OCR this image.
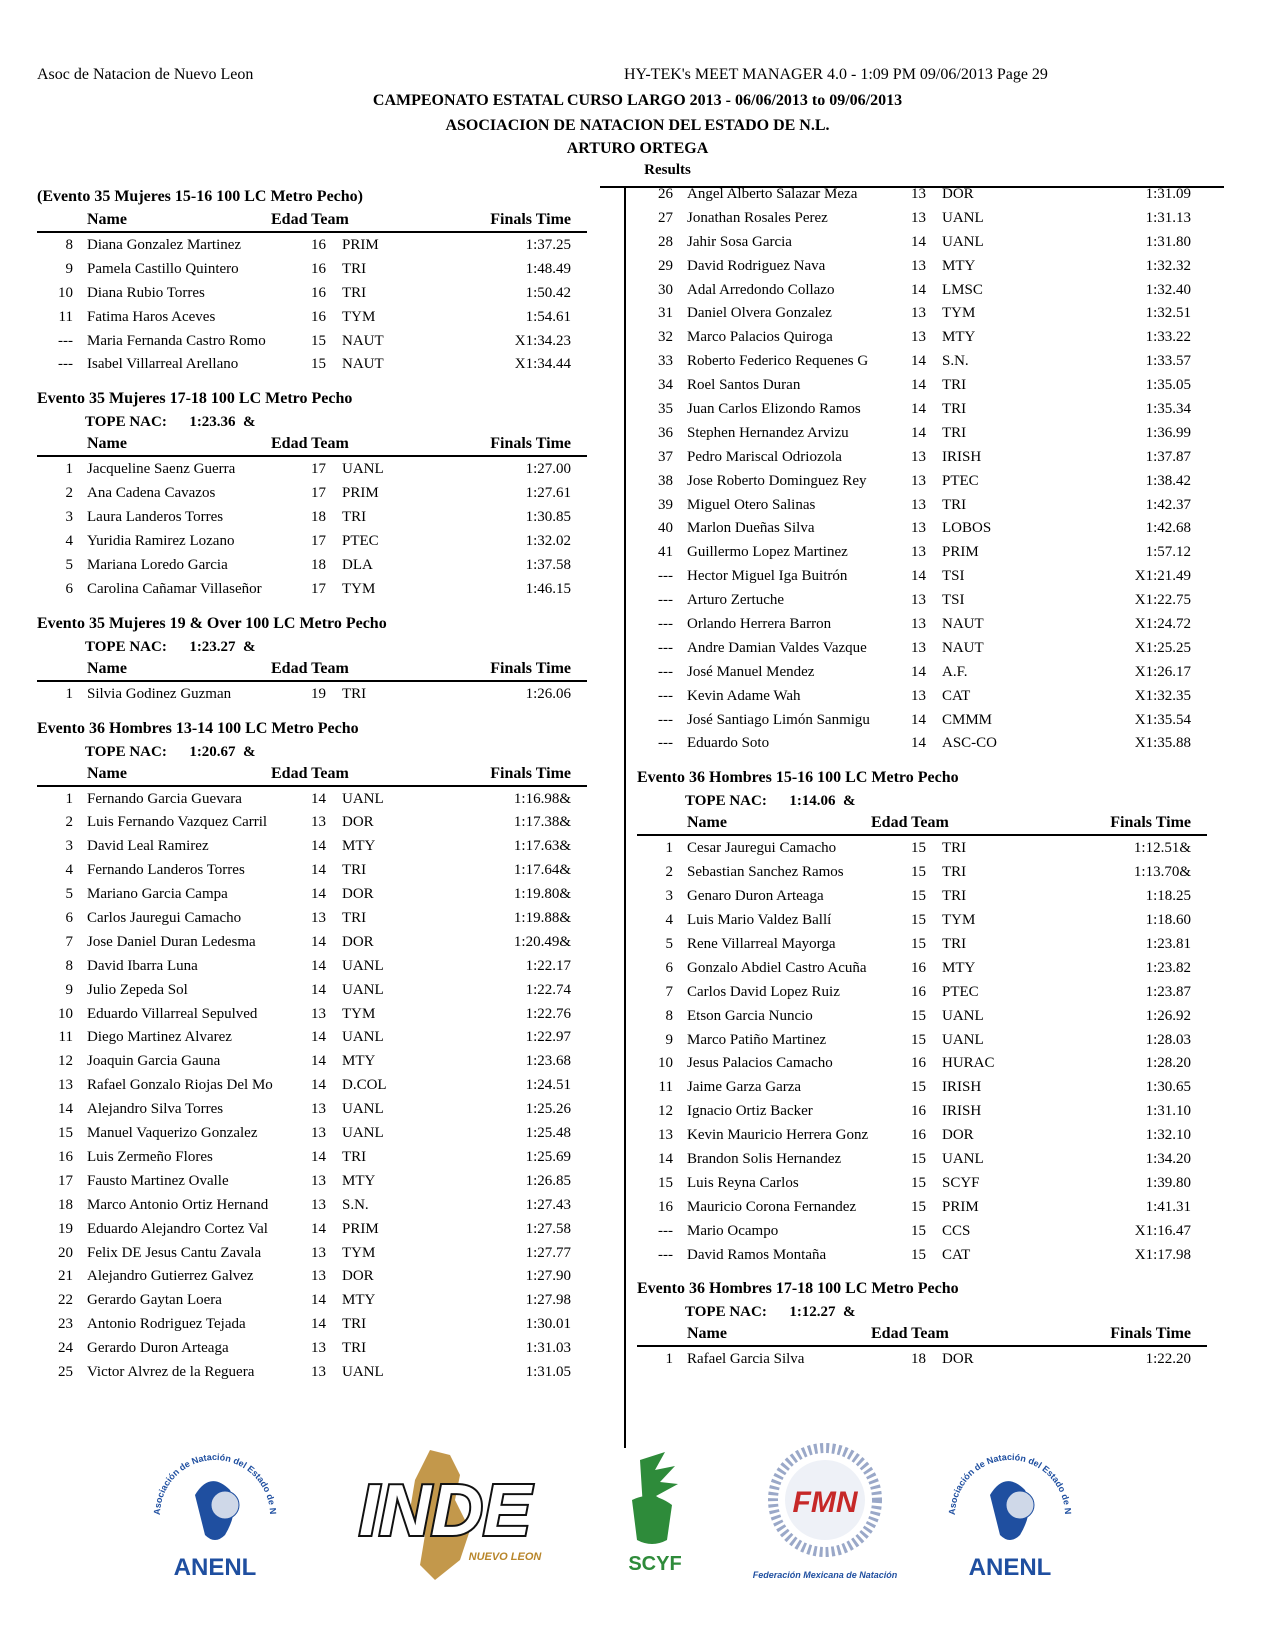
Asoc de Natacion de Nuevo Leon	HY-TEK's MEET MANAGER 4.0 - 1:09 PM 09/06/2013 Page 29
CAMPEONATO ESTATAL CURSO LARGO 2013 - 06/06/2013 to 09/06/2013
ASOCIACION DE NATACION DEL ESTADO DE N.L.
ARTURO ORTEGA
Results
(Evento 35 Mujeres 15-16 100 LC Metro Pecho)
Name	Edad Team	Finals Time
8 Diana Gonzalez Martinez	16	PRIM	1:37.25
9 Pamela Castillo Quintero	16	TRI	1:48.49
10 Diana Rubio Torres	16	TRI	1:50.42
11 Fatima Haros Aceves	16	TYM	1:54.61
--- Maria Fernanda Castro Romo	15	NAUT	X1:34.23
--- Isabel Villarreal Arellano	15	NAUT	X1:34.44
Evento 35 Mujeres 17-18 100 LC Metro Pecho
TOPE NAC: 1:23.36  &
Name	Edad Team	Finals Time
1 Jacqueline Saenz Guerra	17	UANL	1:27.00
2 Ana Cadena Cavazos	17	PRIM	1:27.61
3 Laura Landeros Torres	18	TRI	1:30.85
4 Yuridia Ramirez Lozano	17	PTEC	1:32.02
5 Mariana Loredo Garcia	18	DLA	1:37.58
6 Carolina Cañamar Villaseñor	17	TYM	1:46.15
Evento 35 Mujeres 19 & Over 100 LC Metro Pecho
TOPE NAC: 1:23.27  &
Name	Edad Team	Finals Time
1 Silvia Godinez Guzman	19	TRI	1:26.06
Evento 36 Hombres 13-14 100 LC Metro Pecho
TOPE NAC: 1:20.67  &
Name	Edad Team	Finals Time
1 Fernando Garcia Guevara	14	UANL	1:16.98&
2 Luis Fernando Vazquez Carril	13	DOR	1:17.38&
3 David Leal Ramirez	14	MTY	1:17.63&
4 Fernando Landeros Torres	14	TRI	1:17.64&
5 Mariano Garcia Campa	14	DOR	1:19.80&
6 Carlos Jauregui Camacho	13	TRI	1:19.88&
7 Jose Daniel Duran Ledesma	14	DOR	1:20.49&
8 David Ibarra Luna	14	UANL	1:22.17
9 Julio Zepeda Sol	14	UANL	1:22.74
10 Eduardo Villarreal Sepulved	13	TYM	1:22.76
11 Diego Martinez Alvarez	14	UANL	1:22.97
12 Joaquin Garcia Gauna	14	MTY	1:23.68
13 Rafael Gonzalo Riojas Del Mo	14	D.COL	1:24.51
14 Alejandro Silva Torres	13	UANL	1:25.26
15 Manuel Vaquerizo Gonzalez	13	UANL	1:25.48
16 Luis Zermeño Flores	14	TRI	1:25.69
17 Fausto Martinez Ovalle	13	MTY	1:26.85
18 Marco Antonio Ortiz Hernand	13	S.N.	1:27.43
19 Eduardo Alejandro Cortez Val	14	PRIM	1:27.58
20 Felix DE Jesus Cantu Zavala	13	TYM	1:27.77
21 Alejandro Gutierrez Galvez	13	DOR	1:27.90
22 Gerardo Gaytan Loera	14	MTY	1:27.98
23 Antonio Rodriguez Tejada	14	TRI	1:30.01
24 Gerardo Duron Arteaga	13	TRI	1:31.03
25 Victor Alvrez de la Reguera	13	UANL	1:31.05
26 Angel Alberto Salazar Meza	13	DOR	1:31.09
27 Jonathan Rosales Perez	13	UANL	1:31.13
28 Jahir Sosa Garcia	14	UANL	1:31.80
29 David Rodriguez Nava	13	MTY	1:32.32
30 Adal Arredondo Collazo	14	LMSC	1:32.40
31 Daniel Olvera Gonzalez	13	TYM	1:32.51
32 Marco Palacios Quiroga	13	MTY	1:33.22
33 Roberto Federico Requenes G	14	S.N.	1:33.57
34 Roel Santos Duran	14	TRI	1:35.05
35 Juan Carlos Elizondo Ramos	14	TRI	1:35.34
36 Stephen Hernandez Arvizu	14	TRI	1:36.99
37 Pedro Mariscal Odriozola	13	IRISH	1:37.87
38 Jose Roberto Dominguez Rey	13	PTEC	1:38.42
39 Miguel Otero Salinas	13	TRI	1:42.37
40 Marlon Dueñas Silva	13	LOBOS	1:42.68
41 Guillermo Lopez Martinez	13	PRIM	1:57.12
--- Hector Miguel Iga Buitrón	14	TSI	X1:21.49
--- Arturo Zertuche	13	TSI	X1:22.75
--- Orlando Herrera Barron	13	NAUT	X1:24.72
--- Andre Damian Valdes Vazque	13	NAUT	X1:25.25
--- José Manuel Mendez	14	A.F.	X1:26.17
--- Kevin Adame Wah	13	CAT	X1:32.35
--- José Santiago Limón Sanmigu	14	CMMM	X1:35.54
--- Eduardo Soto	14	ASC-CO	X1:35.88
Evento 36 Hombres 15-16 100 LC Metro Pecho
TOPE NAC: 1:14.06  &
Name	Edad Team	Finals Time
1 Cesar Jauregui Camacho	15	TRI	1:12.51&
2 Sebastian Sanchez Ramos	15	TRI	1:13.70&
3 Genaro Duron Arteaga	15	TRI	1:18.25
4 Luis Mario Valdez Ballí	15	TYM	1:18.60
5 Rene Villarreal Mayorga	15	TRI	1:23.81
6 Gonzalo Abdiel Castro Acuña	16	MTY	1:23.82
7 Carlos David Lopez Ruiz	16	PTEC	1:23.87
8 Etson Garcia Nuncio	15	UANL	1:26.92
9 Marco Patiño Martinez	15	UANL	1:28.03
10 Jesus Palacios Camacho	16	HURAC	1:28.20
11 Jaime Garza Garza	15	IRISH	1:30.65
12 Ignacio Ortiz Backer	16	IRISH	1:31.10
13 Kevin Mauricio Herrera Gonz	16	DOR	1:32.10
14 Brandon Solis Hernandez	15	UANL	1:34.20
15 Luis Reyna Carlos	15	SCYF	1:39.80
16 Mauricio Corona Fernandez	15	PRIM	1:41.31
--- Mario Ocampo	15	CCS	X1:16.47
--- David Ramos Montaña	15	CAT	X1:17.98
Evento 36 Hombres 17-18 100 LC Metro Pecho
TOPE NAC: 1:12.27  &
Name	Edad Team	Finals Time
1 Rafael Garcia Silva	18	DOR	1:22.20
Asociación de Natación del Estado de N
ANENL
INDE
NUEVO LEON	SCYF
FMN
Federación Mexicana de Natación
Asociación de Natación del Estado de N
ANENL
